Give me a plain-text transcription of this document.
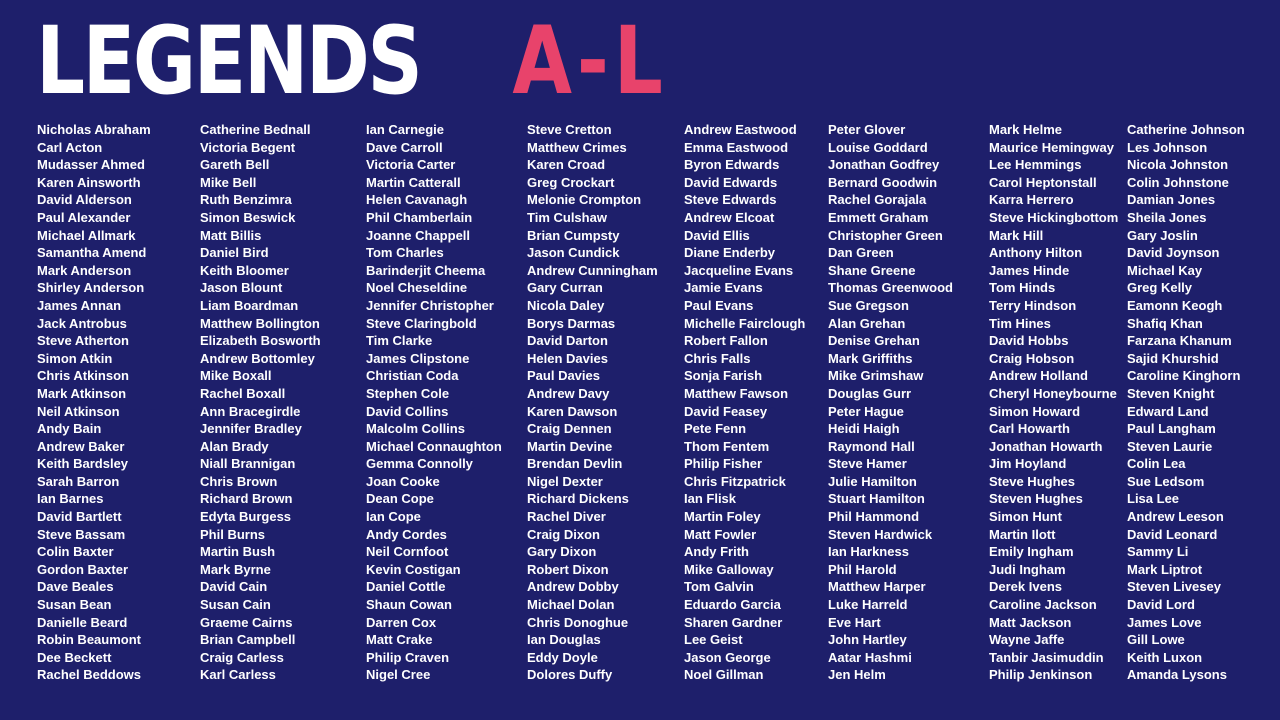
LEGENDS A-L
Nicholas Abraham
Carl Acton
Mudasser Ahmed
Karen Ainsworth
David Alderson
Paul Alexander
Michael Allmark
Samantha Amend
Mark Anderson
Shirley Anderson
James Annan
Jack Antrobus
Steve Atherton
Simon Atkin
Chris Atkinson
Mark Atkinson
Neil Atkinson
Andy Bain
Andrew Baker
Keith Bardsley
Sarah Barron
Ian Barnes
David Bartlett
Steve Bassam
Colin Baxter
Gordon Baxter
Dave Beales
Susan Bean
Danielle Beard
Robin Beaumont
Dee Beckett
Rachel Beddows
Catherine Bednall
Victoria Begent
Gareth Bell
Mike Bell
Ruth Benzimra
Simon Beswick
Matt Billis
Daniel Bird
Keith Bloomer
Jason Blount
Liam Boardman
Matthew Bollington
Elizabeth Bosworth
Andrew Bottomley
Mike Boxall
Rachel Boxall
Ann Bracegirdle
Jennifer Bradley
Alan Brady
Niall Brannigan
Chris Brown
Richard Brown
Edyta Burgess
Phil Burns
Martin Bush
Mark Byrne
David Cain
Susan Cain
Graeme Cairns
Brian Campbell
Craig Carless
Karl Carless
Ian Carnegie
Dave Carroll
Victoria Carter
Martin Catterall
Helen Cavanagh
Phil Chamberlain
Joanne Chappell
Tom Charles
Barinderjit Cheema
Noel Cheseldine
Jennifer Christopher
Steve Claringbold
Tim Clarke
James Clipstone
Christian Coda
Stephen Cole
David Collins
Malcolm Collins
Michael Connaughton
Gemma Connolly
Joan Cooke
Dean Cope
Ian Cope
Andy Cordes
Neil Cornfoot
Kevin Costigan
Daniel Cottle
Shaun Cowan
Darren Cox
Matt Crake
Philip Craven
Nigel Cree
Steve Cretton
Matthew Crimes
Karen Croad
Greg Crockart
Melonie Crompton
Tim Culshaw
Brian Cumpsty
Jason Cundick
Andrew Cunningham
Gary Curran
Nicola Daley
Borys Darmas
David Darton
Helen Davies
Paul Davies
Andrew Davy
Karen Dawson
Craig Dennen
Martin Devine
Brendan Devlin
Nigel Dexter
Richard Dickens
Rachel Diver
Craig Dixon
Gary Dixon
Robert Dixon
Andrew Dobby
Michael Dolan
Chris Donoghue
Ian Douglas
Eddy Doyle
Dolores Duffy
Andrew Eastwood
Emma Eastwood
Byron Edwards
David Edwards
Steve Edwards
Andrew Elcoat
David Ellis
Diane Enderby
Jacqueline Evans
Jamie Evans
Paul Evans
Michelle Fairclough
Robert Fallon
Chris Falls
Sonja Farish
Matthew Fawson
David Feasey
Pete Fenn
Thom Fentem
Philip Fisher
Chris Fitzpatrick
Ian Flisk
Martin Foley
Matt Fowler
Andy Frith
Mike Galloway
Tom Galvin
Eduardo Garcia
Sharen Gardner
Lee Geist
Jason George
Noel Gillman
Peter Glover
Louise Goddard
Jonathan Godfrey
Bernard Goodwin
Rachel Gorajala
Emmett Graham
Christopher Green
Dan Green
Shane Greene
Thomas Greenwood
Sue Gregson
Alan Grehan
Denise Grehan
Mark Griffiths
Mike Grimshaw
Douglas Gurr
Peter Hague
Heidi Haigh
Raymond Hall
Steve Hamer
Julie Hamilton
Stuart Hamilton
Phil Hammond
Steven Hardwick
Ian Harkness
Phil Harold
Matthew Harper
Luke Harreld
Eve Hart
John Hartley
Aatar Hashmi
Jen Helm
Mark Helme
Maurice Hemingway
Lee Hemmings
Carol Heptonstall
Karra Herrero
Steve Hickingbottom
Mark Hill
Anthony Hilton
James Hinde
Tom Hinds
Terry Hindson
Tim Hines
David Hobbs
Craig Hobson
Andrew Holland
Cheryl Honeybourne
Simon Howard
Carl Howarth
Jonathan Howarth
Jim Hoyland
Steve Hughes
Steven Hughes
Simon Hunt
Martin Ilott
Emily Ingham
Judi Ingham
Derek Ivens
Caroline Jackson
Matt Jackson
Wayne Jaffe
Tanbir Jasimuddin
Philip Jenkinson
Catherine Johnson
Les Johnson
Nicola Johnston
Colin Johnstone
Damian Jones
Sheila Jones
Gary Joslin
David Joynson
Michael Kay
Greg Kelly
Eamonn Keogh
Shafiq Khan
Farzana Khanum
Sajid Khurshid
Caroline Kinghorn
Steven Knight
Edward Land
Paul Langham
Steven Laurie
Colin Lea
Sue Ledsom
Lisa Lee
Andrew Leeson
David Leonard
Sammy Li
Mark Liptrot
Steven Livesey
David Lord
James Love
Gill Lowe
Keith Luxon
Amanda Lysons
